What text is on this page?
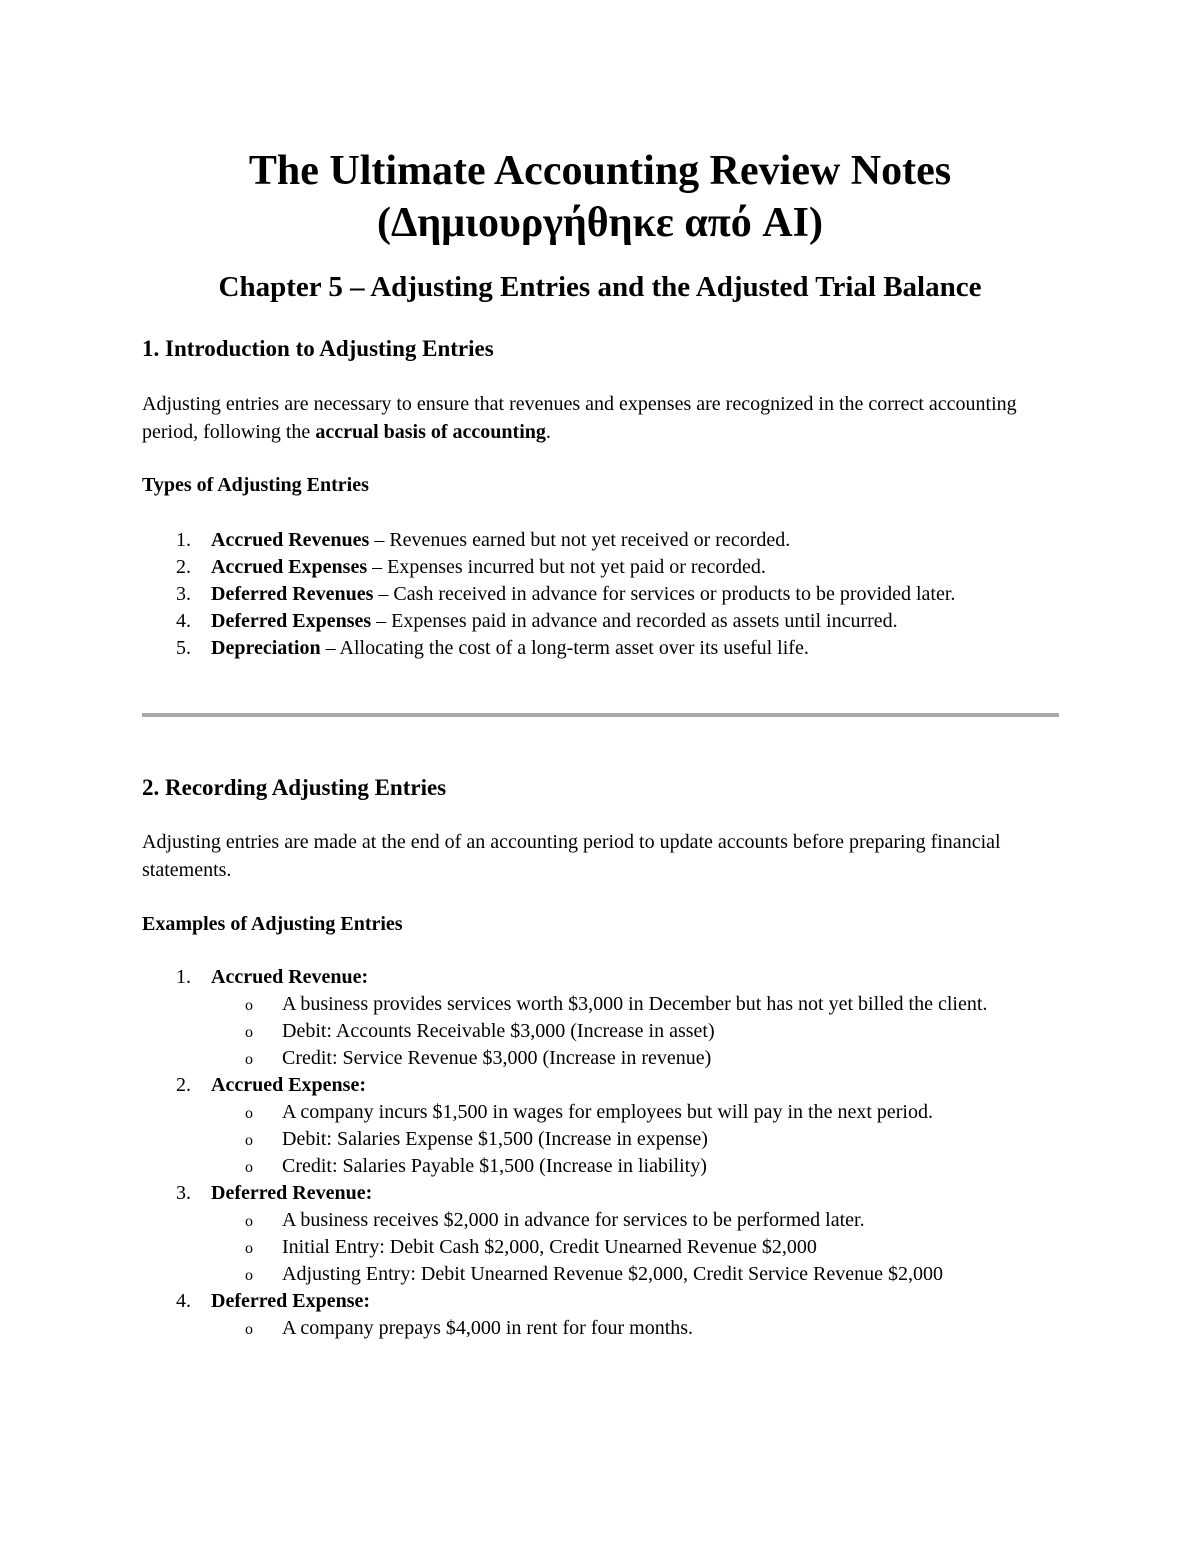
The Ultimate Accounting Review Notes
(Δημιουργήθηκε από AI)
Chapter 5 – Adjusting Entries and the Adjusted Trial Balance
1. Introduction to Adjusting Entries

Adjusting entries are necessary to ensure that revenues and expenses are recognized in the correct accounting period, following the accrual basis of accounting.

Types of Adjusting Entries
1.	Accrued Revenues – Revenues earned but not yet received or recorded.
2.	Accrued Expenses – Expenses incurred but not yet paid or recorded.
3.	Deferred Revenues – Cash received in advance for services or products to be provided later.
4.	Deferred Expenses – Expenses paid in advance and recorded as assets until incurred.
5.	Depreciation – Allocating the cost of a long-term asset over its useful life.
2. Recording Adjusting Entries

Adjusting entries are made at the end of an accounting period to update accounts before preparing financial statements.

Examples of Adjusting Entries
1.	Accrued Revenue:
o A business provides services worth $3,000 in December but has not yet billed the client.
o Debit: Accounts Receivable $3,000 (Increase in asset)
o Credit: Service Revenue $3,000 (Increase in revenue)
2.	Accrued Expense:
o A company incurs $1,500 in wages for employees but will pay in the next period.
o Debit: Salaries Expense $1,500 (Increase in expense)
o Credit: Salaries Payable $1,500 (Increase in liability)
3.	Deferred Revenue:
o A business receives $2,000 in advance for services to be performed later.
o Initial Entry: Debit Cash $2,000, Credit Unearned Revenue $2,000
o Adjusting Entry: Debit Unearned Revenue $2,000, Credit Service Revenue $2,000
4.	Deferred Expense:
o A company prepays $4,000 in rent for four months.
